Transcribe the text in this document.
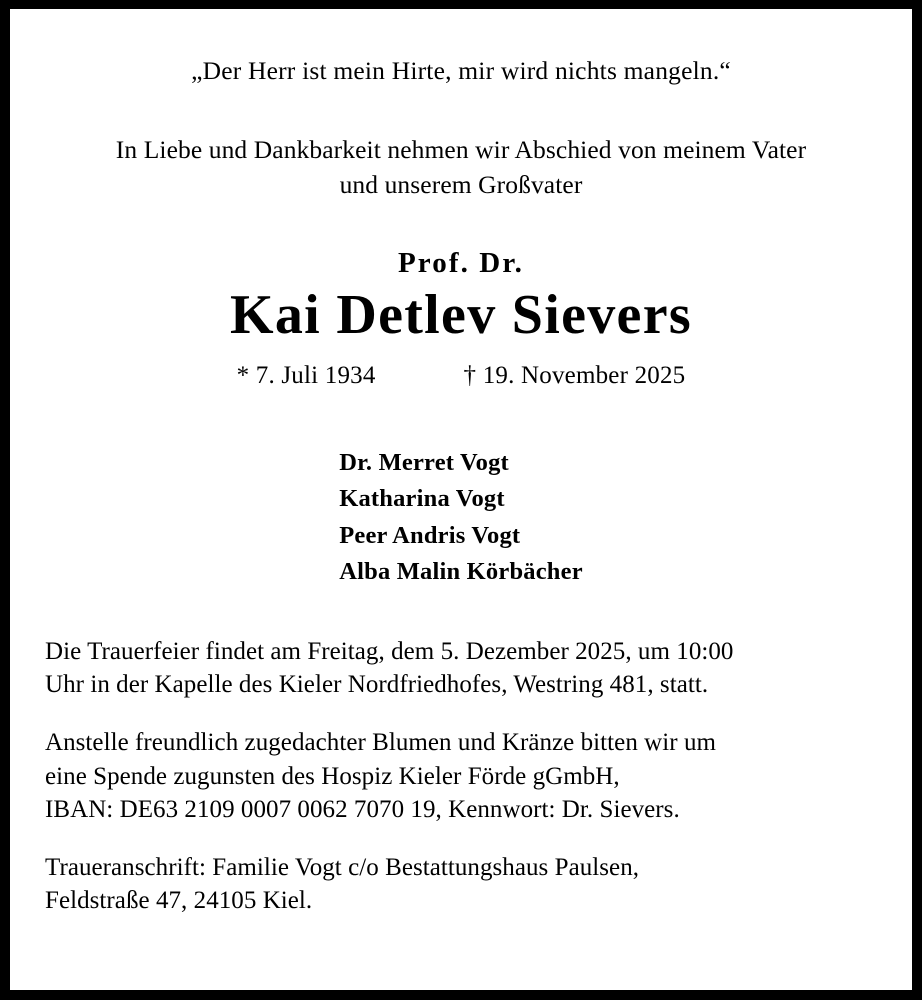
„Der Herr ist mein Hirte, mir wird nichts mangeln.“
In Liebe und Dankbarkeit nehmen wir Abschied von meinem Vater
und unserem Großvater
Prof. Dr.
Kai Detlev Sievers
* 7. Juli 1934	† 19. November 2025
Dr. Merret Vogt
Katharina Vogt
Peer Andris Vogt
Alba Malin Körbächer

Die Trauerfeier findet am Freitag, dem 5. Dezember 2025, um 10:00
Uhr in der Kapelle des Kieler Nordfriedhofes, Westring 481, statt.

Anstelle freundlich zugedachter Blumen und Kränze bitten wir um
eine Spende zugunsten des Hospiz Kieler Förde gGmbH,
IBAN: DE63 2109 0007 0062 7070 19, Kennwort: Dr. Sievers.

Traueranschrift: Familie Vogt c/o Bestattungshaus Paulsen,
Feldstraße 47, 24105 Kiel.
